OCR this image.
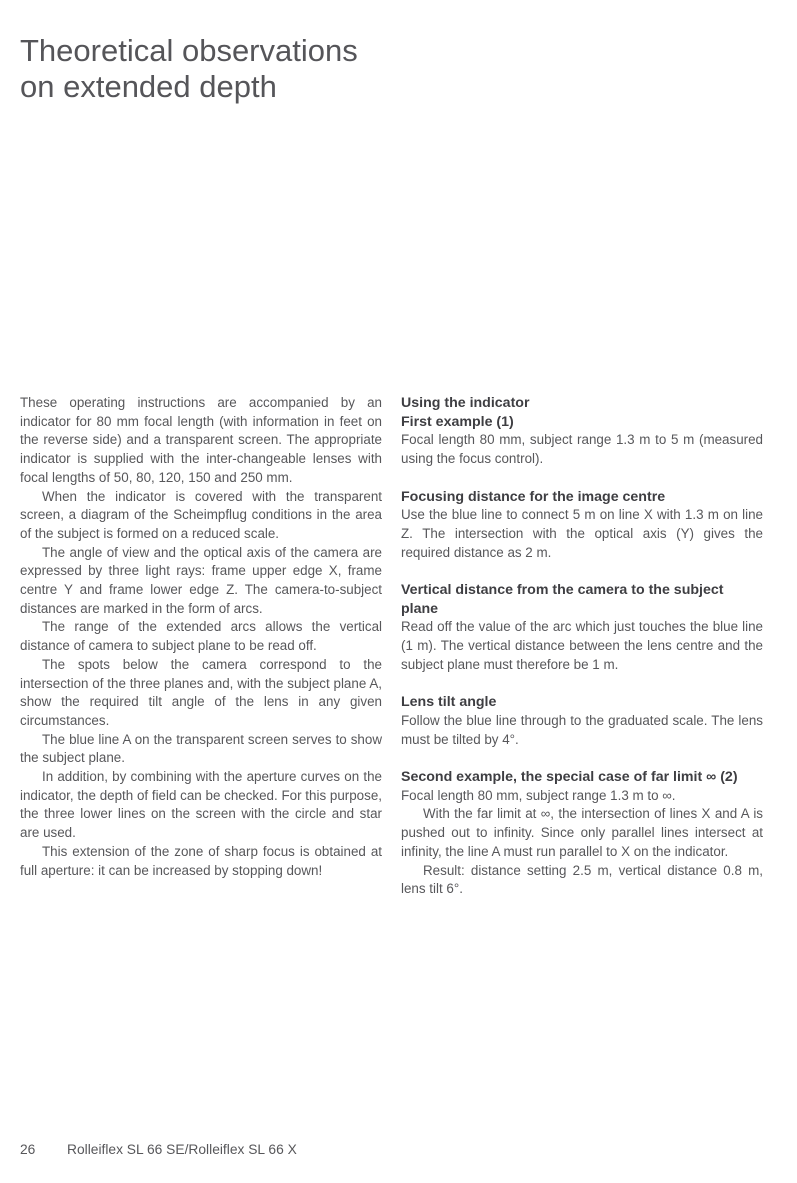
Theoretical observations
on extended depth

These operating instructions are accompanied by an indicator for 80 mm focal length (with information in feet on the reverse side) and a transparent screen. The appropriate indicator is supplied with the inter-changeable lenses with focal lengths of 50, 80, 120, 150 and 250 mm.

When the indicator is covered with the transparent screen, a diagram of the Scheimpflug conditions in the area of the subject is formed on a reduced scale.

The angle of view and the optical axis of the camera are expressed by three light rays: frame upper edge X, frame centre Y and frame lower edge Z. The camera-to-subject distances are marked in the form of arcs.

The range of the extended arcs allows the vertical distance of camera to subject plane to be read off.

The spots below the camera correspond to the intersection of the three planes and, with the subject plane A, show the required tilt angle of the lens in any given circumstances.

The blue line A on the transparent screen serves to show the subject plane.

In addition, by combining with the aperture curves on the indicator, the depth of field can be checked. For this purpose, the three lower lines on the screen with the circle and star are used.

This extension of the zone of sharp focus is obtained at full aperture: it can be increased by stopping down!

Using the indicator
First example (1)

Focal length 80 mm, subject range 1.3 m to 5 m (measured using the focus control).

Focusing distance for the image centre

Use the blue line to connect 5 m on line X with 1.3 m on line Z. The intersection with the optical axis (Y) gives the required distance as 2 m.

Vertical distance from the camera to the subject plane

Read off the value of the arc which just touches the blue line (1 m). The vertical distance between the lens centre and the subject plane must therefore be 1 m.

Lens tilt angle

Follow the blue line through to the graduated scale. The lens must be tilted by 4°.

Second example, the special case of far limit ∞ (2)

Focal length 80 mm, subject range 1.3 m to ∞.

With the far limit at ∞, the intersection of lines X and A is pushed out to infinity. Since only parallel lines intersect at infinity, the line A must run parallel to X on the indicator.

Result: distance setting 2.5 m, vertical distance 0.8 m, lens tilt 6°.

26 Rolleiflex SL 66 SE/Rolleiflex SL 66 X
